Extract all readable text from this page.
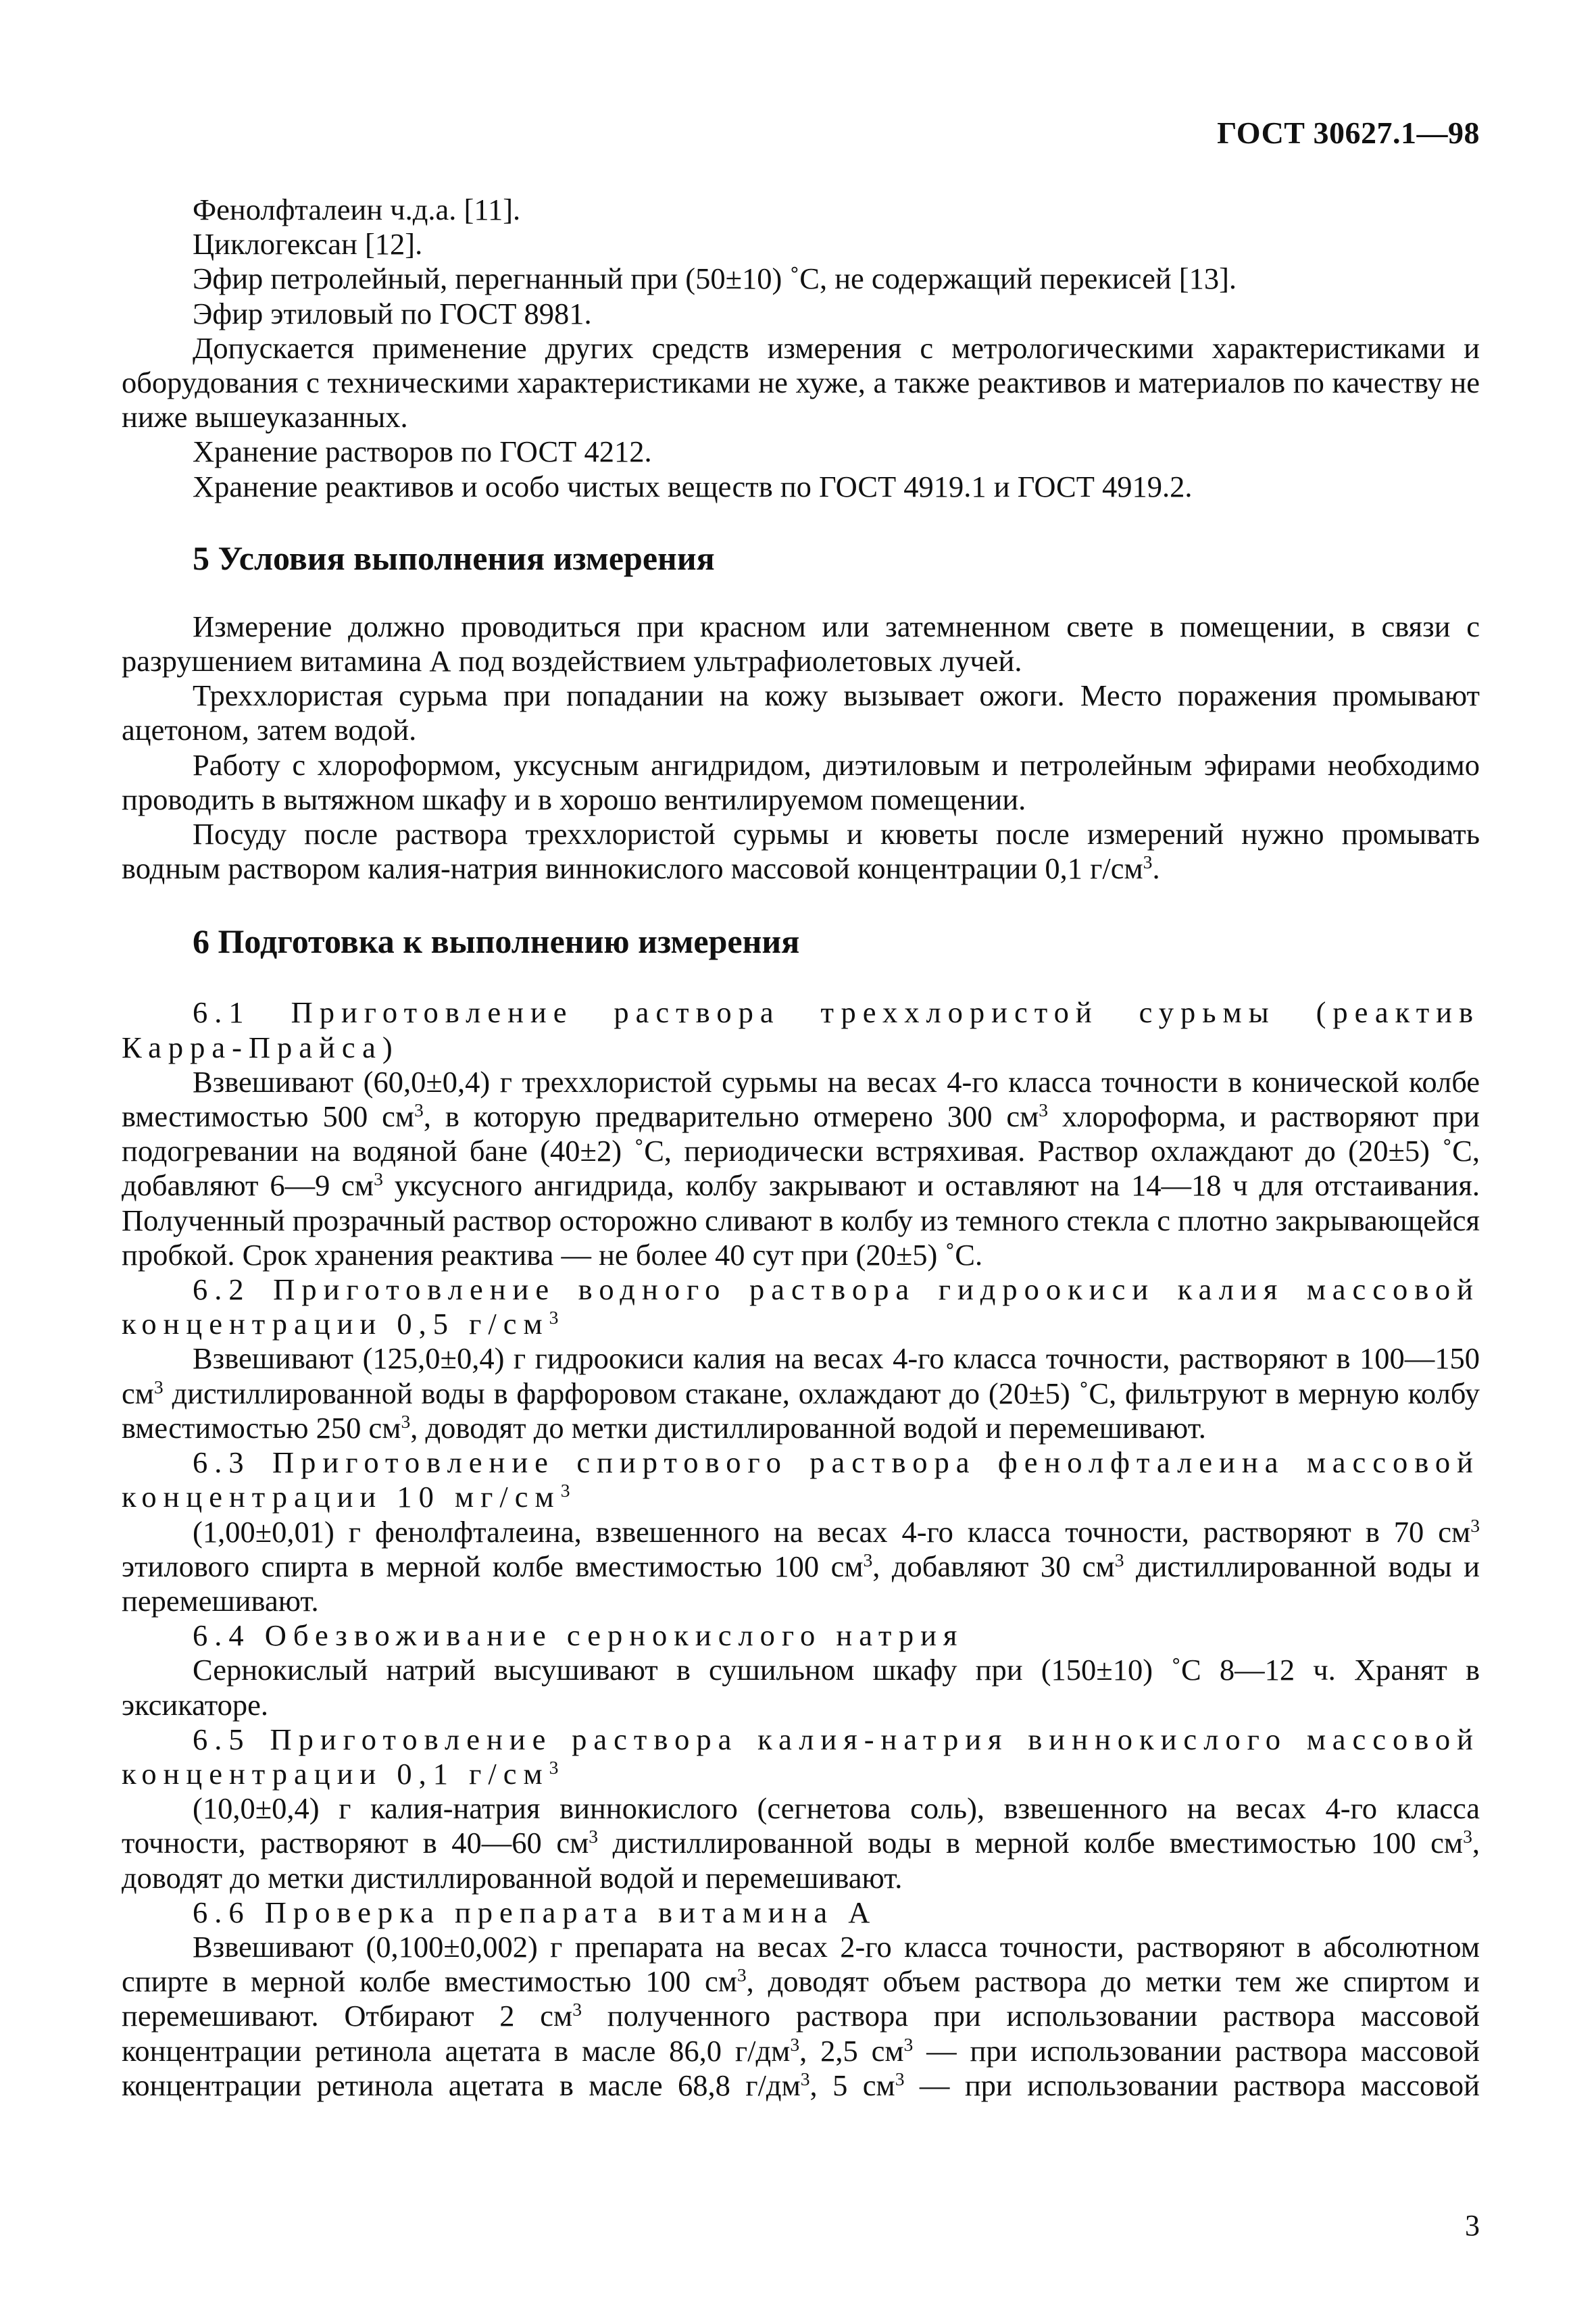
ГОСТ 30627.1—98

Фенолфталеин ч.д.а. [11].

Циклогексан [12].

Эфир петролейный, перегнанный при (50±10) ˚С, не содержащий перекисей [13].

Эфир этиловый по ГОСТ 8981.

Допускается применение других средств измерения с метрологическими характеристиками и оборудования с техническими характеристиками не хуже, а также реактивов и материалов по качеству не ниже вышеуказанных.

Хранение растворов по ГОСТ 4212.

Хранение реактивов и особо чистых веществ по ГОСТ 4919.1 и ГОСТ 4919.2.

5 Условия выполнения измерения

Измерение должно проводиться при красном или затемненном свете в помещении, в связи с разрушением витамина А под воздействием ультрафиолетовых лучей.

Треххлористая сурьма при попадании на кожу вызывает ожоги. Место поражения промывают ацетоном, затем водой.

Работу с хлороформом, уксусным ангидридом, диэтиловым и петролейным эфирами необходимо проводить в вытяжном шкафу и в хорошо вентилируемом помещении.

Посуду после раствора треххлористой сурьмы и кюветы после измерений нужно промывать водным раствором калия-натрия виннокислого массовой концентрации 0,1 $г/см^3$.

6 Подготовка к выполнению измерения

6.1 Приготовление раствора треххлористой сурьмы (реактив Карра-Прайса)

Взвешивают (60,0±0,4) г треххлористой сурьмы на весах 4-го класса точности в конической колбе вместимостью 500 $см^3$, в которую предварительно отмерено 300 $см^3$ хлороформа, и растворяют при подогревании на водяной бане (40±2) ˚С, периодически встряхивая. Раствор охлаждают до (20±5) ˚С, добавляют 6—9 $см^3$ уксусного ангидрида, колбу закрывают и оставляют на 14—18 ч для отстаивания. Полученный прозрачный раствор осторожно сливают в колбу из темного стекла с плотно закрывающейся пробкой. Срок хранения реактива — не более 40 сут при (20±5) ˚С.

6.2 Приготовление водного раствора гидроокиси калия массовой концентрации 0,5 $г/см^3$

Взвешивают (125,0±0,4) г гидроокиси калия на весах 4-го класса точности, растворяют в 100—150 $см^3$ дистиллированной воды в фарфоровом стакане, охлаждают до (20±5) ˚С, фильтруют в мерную колбу вместимостью 250 $см^3$, доводят до метки дистиллированной водой и перемешивают.

6.3 Приготовление спиртового раствора фенолфталеина массовой концентрации 10 $мг/см^3$

(1,00±0,01) г фенолфталеина, взвешенного на весах 4-го класса точности, растворяют в 70 $см^3$ этилового спирта в мерной колбе вместимостью 100 $см^3$, добавляют 30 $см^3$ дистиллированной воды и перемешивают.

6.4 Обезвоживание сернокислого натрия

Сернокислый натрий высушивают в сушильном шкафу при (150±10) ˚С 8—12 ч. Хранят в эксикаторе.

6.5 Приготовление раствора калия-натрия виннокислого массовой концентрации 0,1 $г/см^3$

(10,0±0,4) г калия-натрия виннокислого (сегнетова соль), взвешенного на весах 4-го класса точности, растворяют в 40—60 $см^3$ дистиллированной воды в мерной колбе вместимостью 100 $см^3$, доводят до метки дистиллированной водой и перемешивают.

6.6 Проверка препарата витамина А

Взвешивают (0,100±0,002) г препарата на весах 2-го класса точности, растворяют в абсолютном спирте в мерной колбе вместимостью 100 $см^3$, доводят объем раствора до метки тем же спиртом и перемешивают. Отбирают 2 $см^3$ полученного раствора при использовании раствора массовой концентрации ретинола ацетата в масле 86,0 $г/дм^3$, 2,5 $см^3$ — при использовании раствора массовой концентрации ретинола ацетата в масле 68,8 $г/дм^3$, 5 $см^3$ — при использовании раствора массовой

3
